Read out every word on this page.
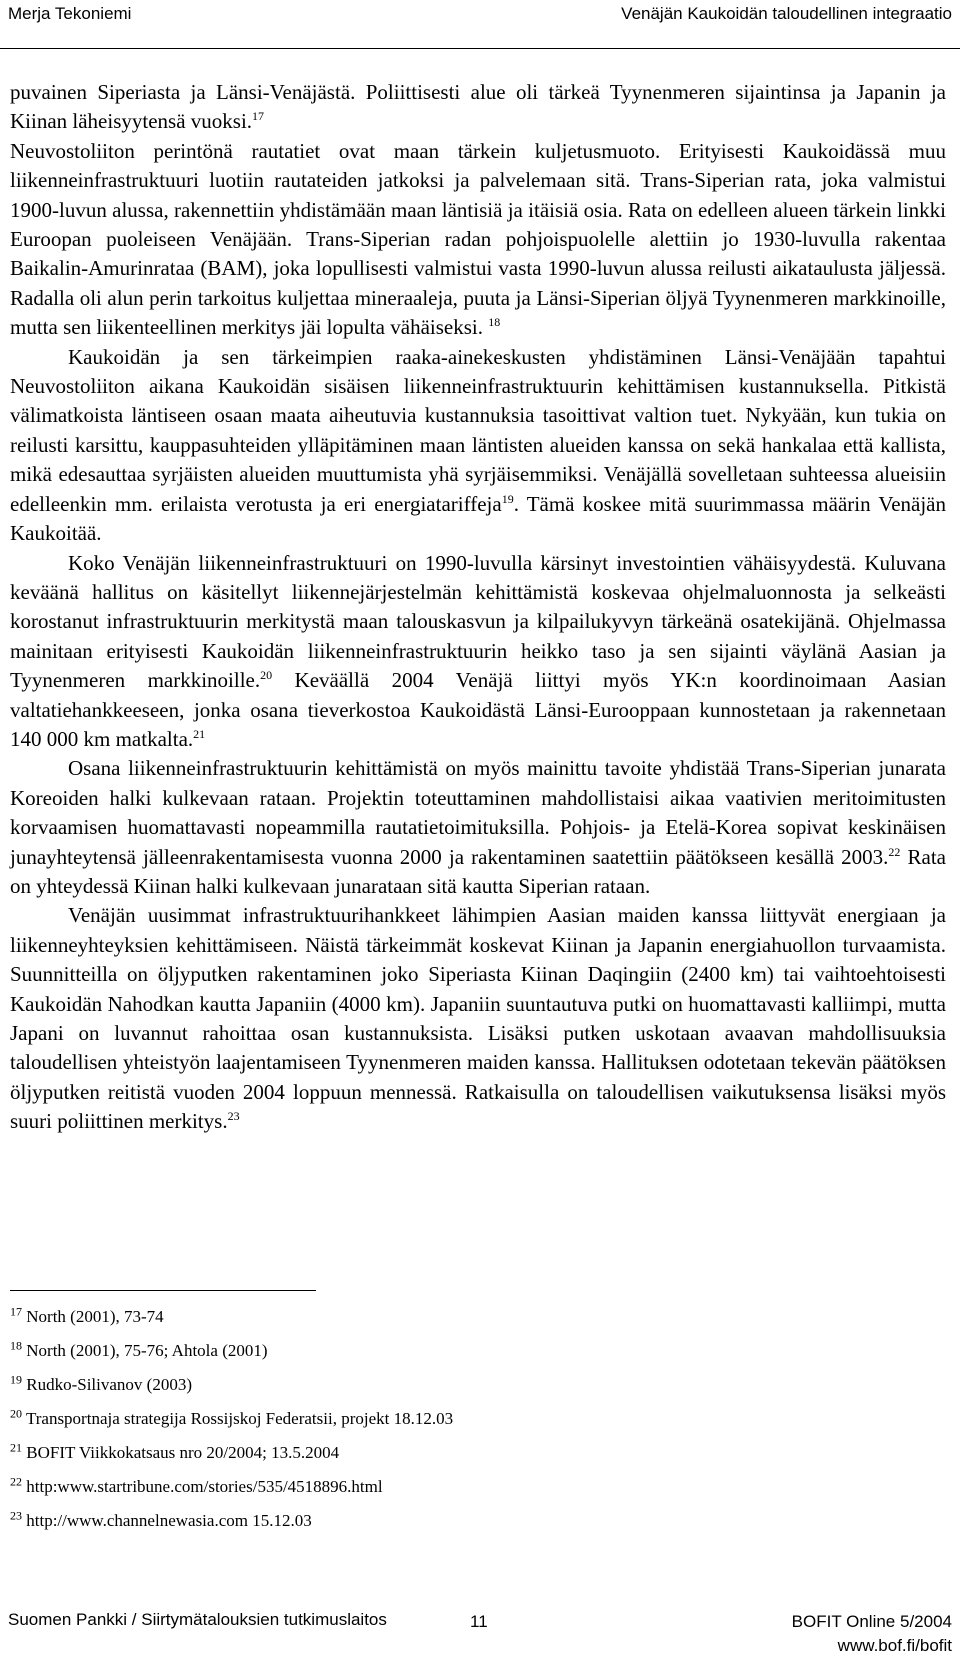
Merja Tekoniemi	Venäjän Kaukoidän taloudellinen integraatio

puvainen Siperiasta ja Länsi-Venäjästä. Poliittisesti alue oli tärkeä Tyynenmeren sijaintinsa ja Japanin ja Kiinan läheisyytensä vuoksi.$^{17}$

Neuvostoliiton perintönä rautatiet ovat maan tärkein kuljetusmuoto. Erityisesti Kaukoidässä muu liikenneinfrastruktuuri luotiin rautateiden jatkoksi ja palvelemaan sitä. Trans-Siperian rata, joka valmistui 1900-luvun alussa, rakennettiin yhdistämään maan läntisiä ja itäisiä osia. Rata on edelleen alueen tärkein linkki Euroopan puoleiseen Venäjään. Trans-Siperian radan pohjoispuolelle alettiin jo 1930-luvulla rakentaa Baikalin-Amurinrataa (BAM), joka lopullisesti valmistui vasta 1990-luvun alussa reilusti aikataulusta jäljessä. Radalla oli alun perin tarkoitus kuljettaa mineraaleja, puuta ja Länsi-Siperian öljyä Tyynenmeren markkinoille, mutta sen liikenteellinen merkitys jäi lopulta vähäiseksi. $^{18}$

Kaukoidän ja sen tärkeimpien raaka-ainekeskusten yhdistäminen Länsi-Venäjään tapahtui Neuvostoliiton aikana Kaukoidän sisäisen liikenneinfrastruktuurin kehittämisen kustannuksella. Pitkistä välimatkoista läntiseen osaan maata aiheutuvia kustannuksia tasoittivat valtion tuet. Nykyään, kun tukia on reilusti karsittu, kauppasuhteiden ylläpitäminen maan läntisten alueiden kanssa on sekä hankalaa että kallista, mikä edesauttaa syrjäisten alueiden muuttumista yhä syrjäisemmiksi. Venäjällä sovelletaan suhteessa alueisiin edelleenkin mm. erilaista verotusta ja eri energiatariffeja$^{19}$. Tämä koskee mitä suurimmassa määrin Venäjän Kaukoitää.

Koko Venäjän liikenneinfrastruktuuri on 1990-luvulla kärsinyt investointien vähäisyydestä. Kuluvana keväänä hallitus on käsitellyt liikennejärjestelmän kehittämistä koskevaa ohjelmaluonnosta ja selkeästi korostanut infrastruktuurin merkitystä maan talouskasvun ja kilpailukyvyn tärkeänä osatekijänä. Ohjelmassa mainitaan erityisesti Kaukoidän liikenneinfrastruktuurin heikko taso ja sen sijainti väylänä Aasian ja Tyynenmeren markkinoille.$^{20}$ Keväällä 2004 Venäjä liittyi myös YK:n koordinoimaan Aasian valtatiehankkeeseen, jonka osana tieverkostoa Kaukoidästä Länsi-Eurooppaan kunnostetaan ja rakennetaan 140 000 km matkalta.$^{21}$

Osana liikenneinfrastruktuurin kehittämistä on myös mainittu tavoite yhdistää Trans-Siperian junarata Koreoiden halki kulkevaan rataan. Projektin toteuttaminen mahdollistaisi aikaa vaativien meritoimitusten korvaamisen huomattavasti nopeammilla rautatietoimituksilla. Pohjois- ja Etelä-Korea sopivat keskinäisen junayhteytensä jälleenrakentamisesta vuonna 2000 ja rakentaminen saatettiin päätökseen kesällä 2003.22 Rata on yhteydessä Kiinan halki kulkevaan junarataan sitä kautta Siperian rataan.

Venäjän uusimmat infrastruktuurihankkeet lähimpien Aasian maiden kanssa liittyvät energiaan ja liikenneyhteyksien kehittämiseen. Näistä tärkeimmät koskevat Kiinan ja Japanin energiahuollon turvaamista. Suunnitteilla on öljyputken rakentaminen joko Siperiasta Kiinan Daqingiin (2400 km) tai vaihtoehtoisesti Kaukoidän Nahodkan kautta Japaniin (4000 km). Japaniin suuntautuva putki on huomattavasti kalliimpi, mutta Japani on luvannut rahoittaa osan kustannuksista. Lisäksi putken uskotaan avaavan mahdollisuuksia taloudellisen yhteistyön laajentamiseen Tyynenmeren maiden kanssa. Hallituksen odotetaan tekevän päätöksen öljyputken reitistä vuoden 2004 loppuun mennessä. Ratkaisulla on taloudellisen vaikutuksensa lisäksi myös suuri poliittinen merkitys.$^{23}$

$^{17}$ North (2001), 73-74
$^{18}$ North (2001), 75-76; Ahtola (2001)
$^{19}$ Rudko-Silivanov (2003)
$^{20}$ Transportnaja strategija Rossijskoj Federatsii, projekt 18.12.03
$^{21}$ BOFIT Viikkokatsaus nro 20/2004; 13.5.2004
$^{22}$ http:www.startribune.com/stories/535/4518896.html
$^{23}$ http://www.channelnewasia.com 15.12.03
Suomen Pankki / Siirtymätalouksien tutkimuslaitos	11	BOFIT Online 5/2004
www.bof.fi/bofit
